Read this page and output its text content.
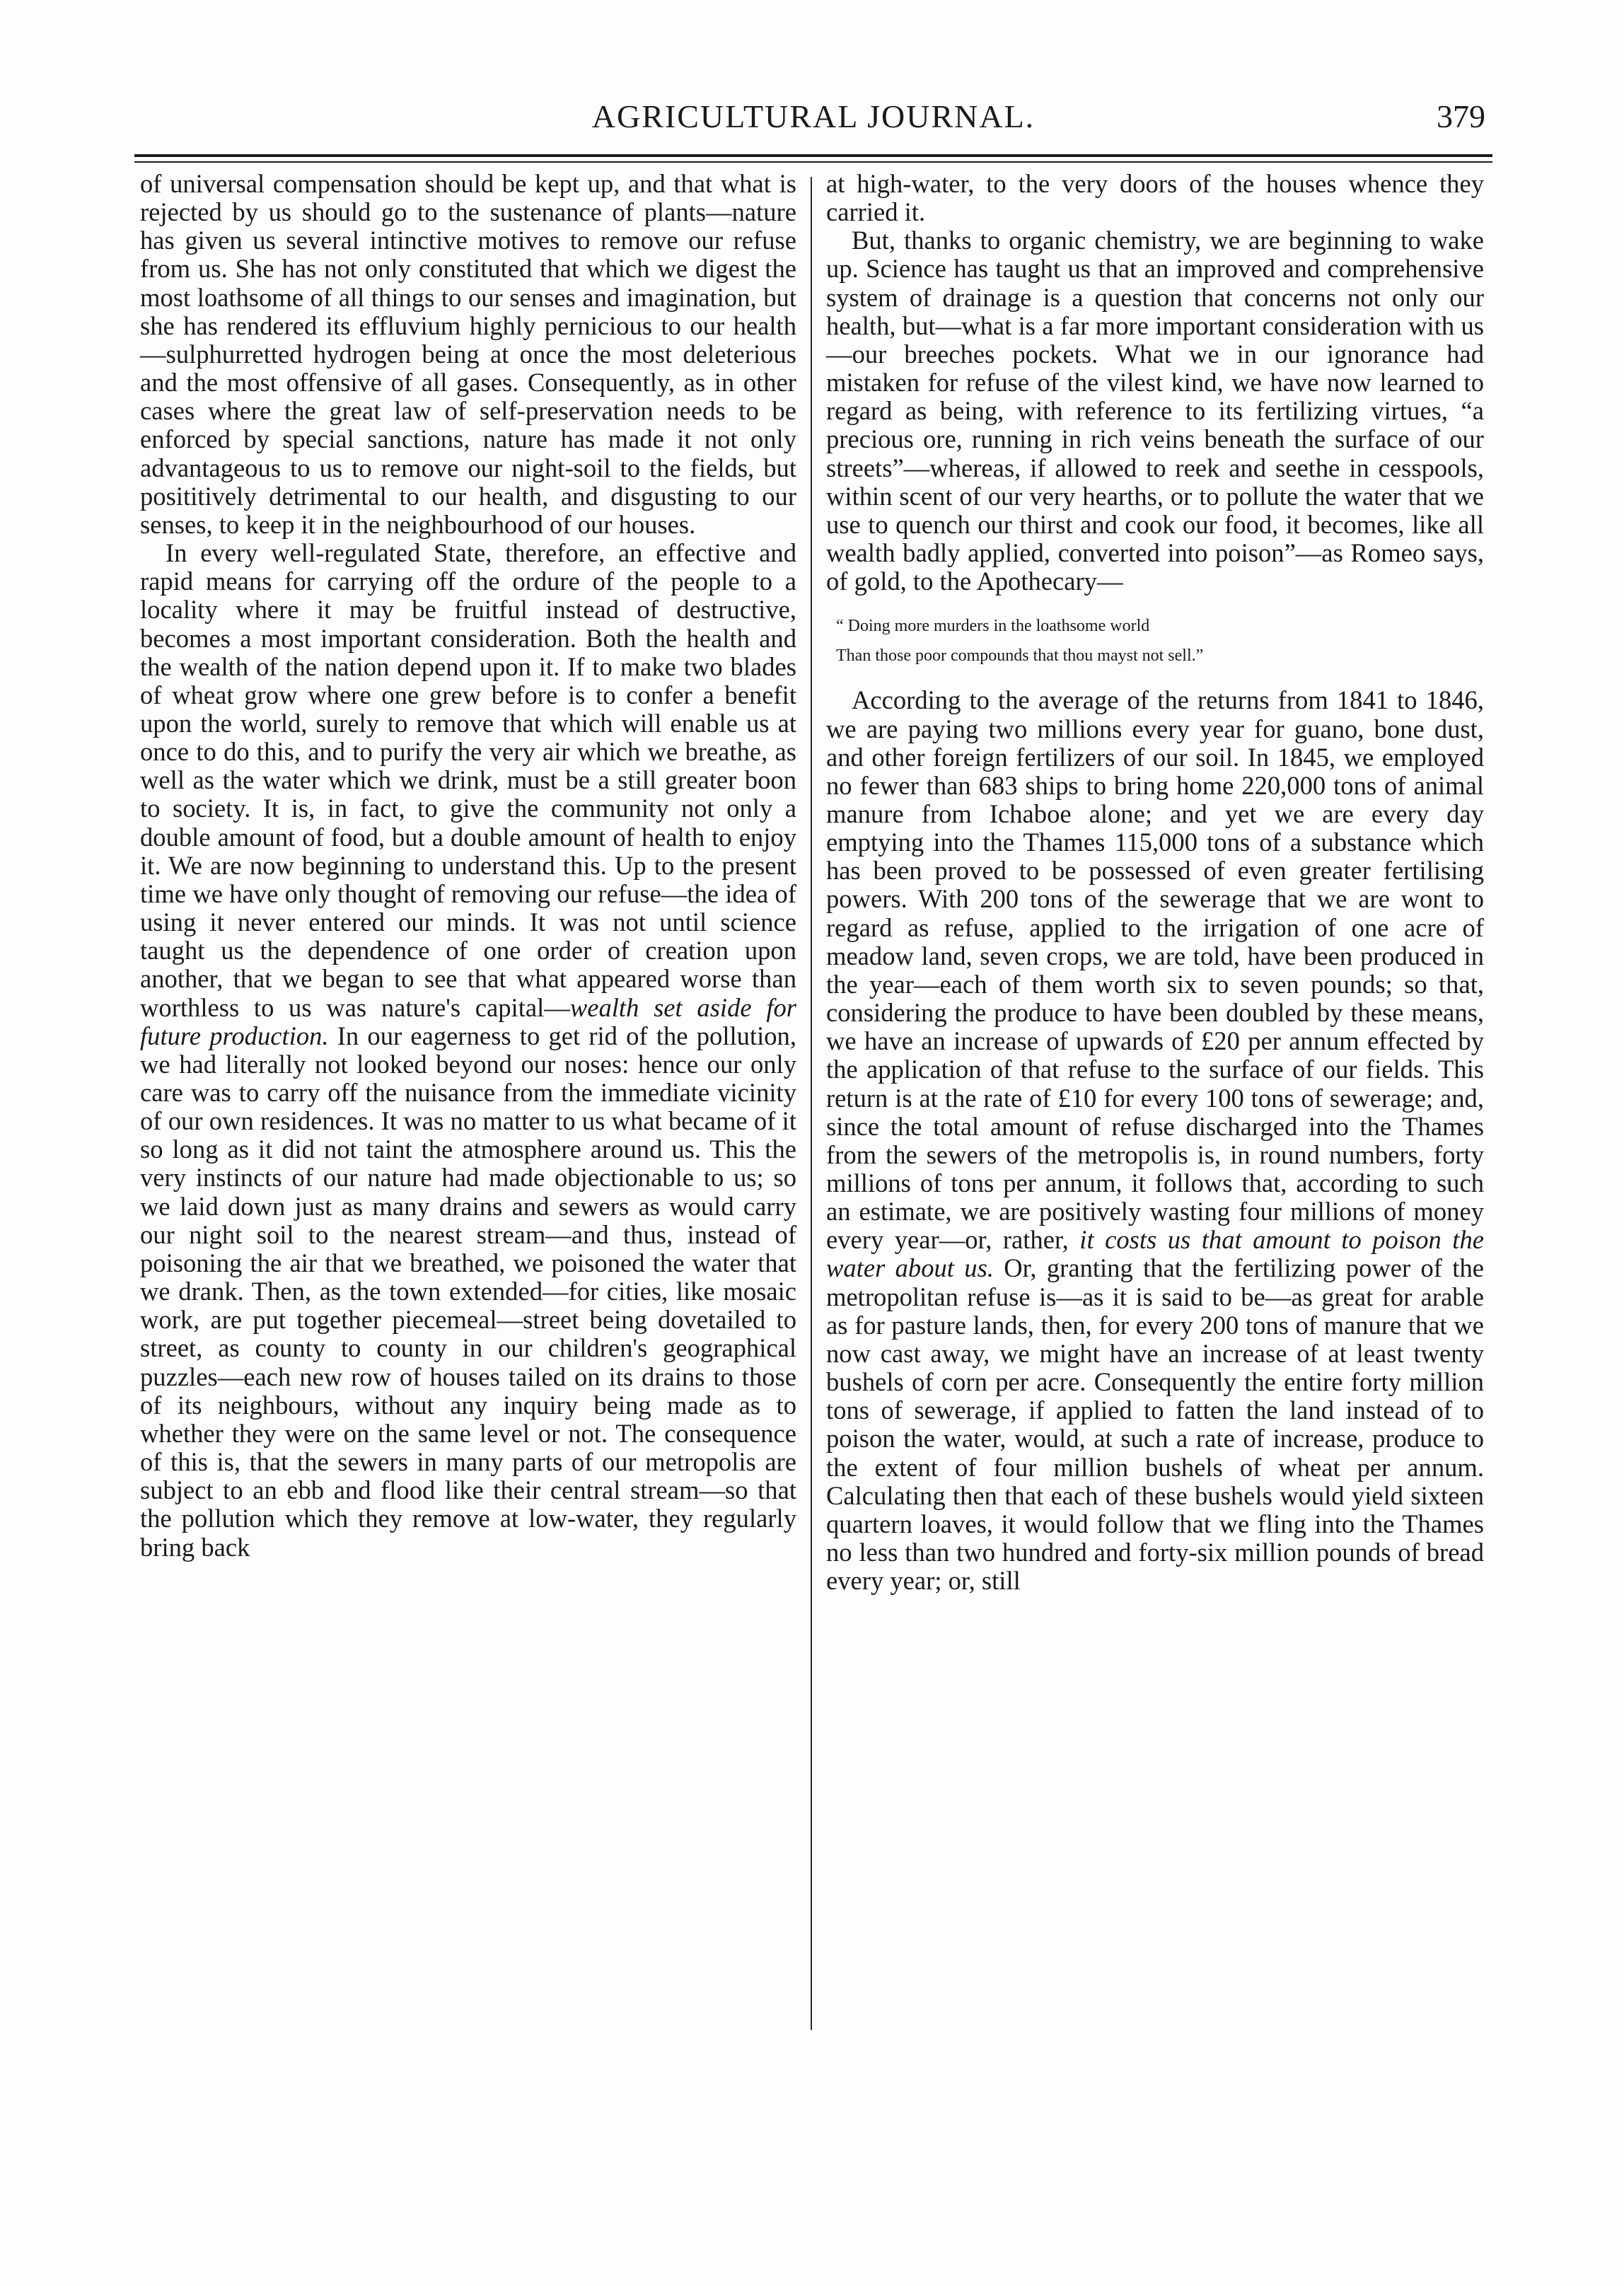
AGRICULTURAL JOURNAL.	379

of universal compensation should be kept up, and that what is rejected by us should go to the sustenance of plants—nature has given us several intinctive motives to remove our refuse from us. She has not only constituted that which we digest the most loathsome of all things to our senses and imagination, but she has rendered its effluvium highly pernicious to our health—sulphurretted hydrogen being at once the most deleterious and the most offensive of all gases. Consequently, as in other cases where the great law of self-preservation needs to be enforced by special sanctions, nature has made it not only advantageous to us to remove our night-soil to the fields, but posititively detrimental to our health, and disgusting to our senses, to keep it in the neighbourhood of our houses.

In every well-regulated State, therefore, an effective and rapid means for carrying off the ordure of the people to a locality where it may be fruitful instead of destructive, becomes a most important consideration. Both the health and the wealth of the nation depend upon it. If to make two blades of wheat grow where one grew before is to confer a benefit upon the world, surely to remove that which will enable us at once to do this, and to purify the very air which we breathe, as well as the water which we drink, must be a still greater boon to society. It is, in fact, to give the community not only a double amount of food, but a double amount of health to enjoy it. We are now beginning to understand this. Up to the present time we have only thought of removing our refuse—the idea of using it never entered our minds. It was not until science taught us the dependence of one order of creation upon another, that we began to see that what appeared worse than worthless to us was nature's capital—wealth set aside for future production. In our eagerness to get rid of the pollution, we had literally not looked beyond our noses: hence our only care was to carry off the nuisance from the immediate vicinity of our own residences. It was no matter to us what became of it so long as it did not taint the atmosphere around us. This the very instincts of our nature had made objectionable to us; so we laid down just as many drains and sewers as would carry our night soil to the nearest stream—and thus, instead of poisoning the air that we breathed, we poisoned the water that we drank. Then, as the town extended—for cities, like mosaic work, are put together piecemeal—street being dovetailed to street, as county to county in our children's geographical puzzles—each new row of houses tailed on its drains to those of its neighbours, without any inquiry being made as to whether they were on the same level or not. The consequence of this is, that the sewers in many parts of our metropolis are subject to an ebb and flood like their central stream—so that the pollution which they remove at low-water, they regularly bring back

at high-water, to the very doors of the houses whence they carried it.

But, thanks to organic chemistry, we are beginning to wake up. Science has taught us that an improved and comprehensive system of drainage is a question that concerns not only our health, but—what is a far more important consideration with us—our breeches pockets. What we in our ignorance had mistaken for refuse of the vilest kind, we have now learned to regard as being, with reference to its fertilizing virtues, “a precious ore, running in rich veins beneath the surface of our streets”—whereas, if allowed to reek and seethe in cesspools, within scent of our very hearths, or to pollute the water that we use to quench our thirst and cook our food, it becomes, like all wealth badly applied, converted into poison”—as Romeo says, of gold, to the Apothecary—

“ Doing more murders in the loathsome world
Than those poor compounds that thou mayst not sell.”

According to the average of the returns from 1841 to 1846, we are paying two millions every year for guano, bone dust, and other foreign fertilizers of our soil. In 1845, we employed no fewer than 683 ships to bring home 220,000 tons of animal manure from Ichaboe alone; and yet we are every day emptying into the Thames 115,000 tons of a substance which has been proved to be possessed of even greater fertilising powers. With 200 tons of the sewerage that we are wont to regard as refuse, applied to the irrigation of one acre of meadow land, seven crops, we are told, have been produced in the year—each of them worth six to seven pounds; so that, considering the produce to have been doubled by these means, we have an increase of upwards of £20 per annum effected by the application of that refuse to the surface of our fields. This return is at the rate of £10 for every 100 tons of sewerage; and, since the total amount of refuse discharged into the Thames from the sewers of the metropolis is, in round numbers, forty millions of tons per annum, it follows that, according to such an estimate, we are positively wasting four millions of money every year—or, rather, it costs us that amount to poison the water about us. Or, granting that the fertilizing power of the metropolitan refuse is—as it is said to be—as great for arable as for pasture lands, then, for every 200 tons of manure that we now cast away, we might have an increase of at least twenty bushels of corn per acre. Consequently the entire forty million tons of sewerage, if applied to fatten the land instead of to poison the water, would, at such a rate of increase, produce to the extent of four million bushels of wheat per annum. Calculating then that each of these bushels would yield sixteen quartern loaves, it would follow that we fling into the Thames no less than two hundred and forty-six million pounds of bread every year; or, still
